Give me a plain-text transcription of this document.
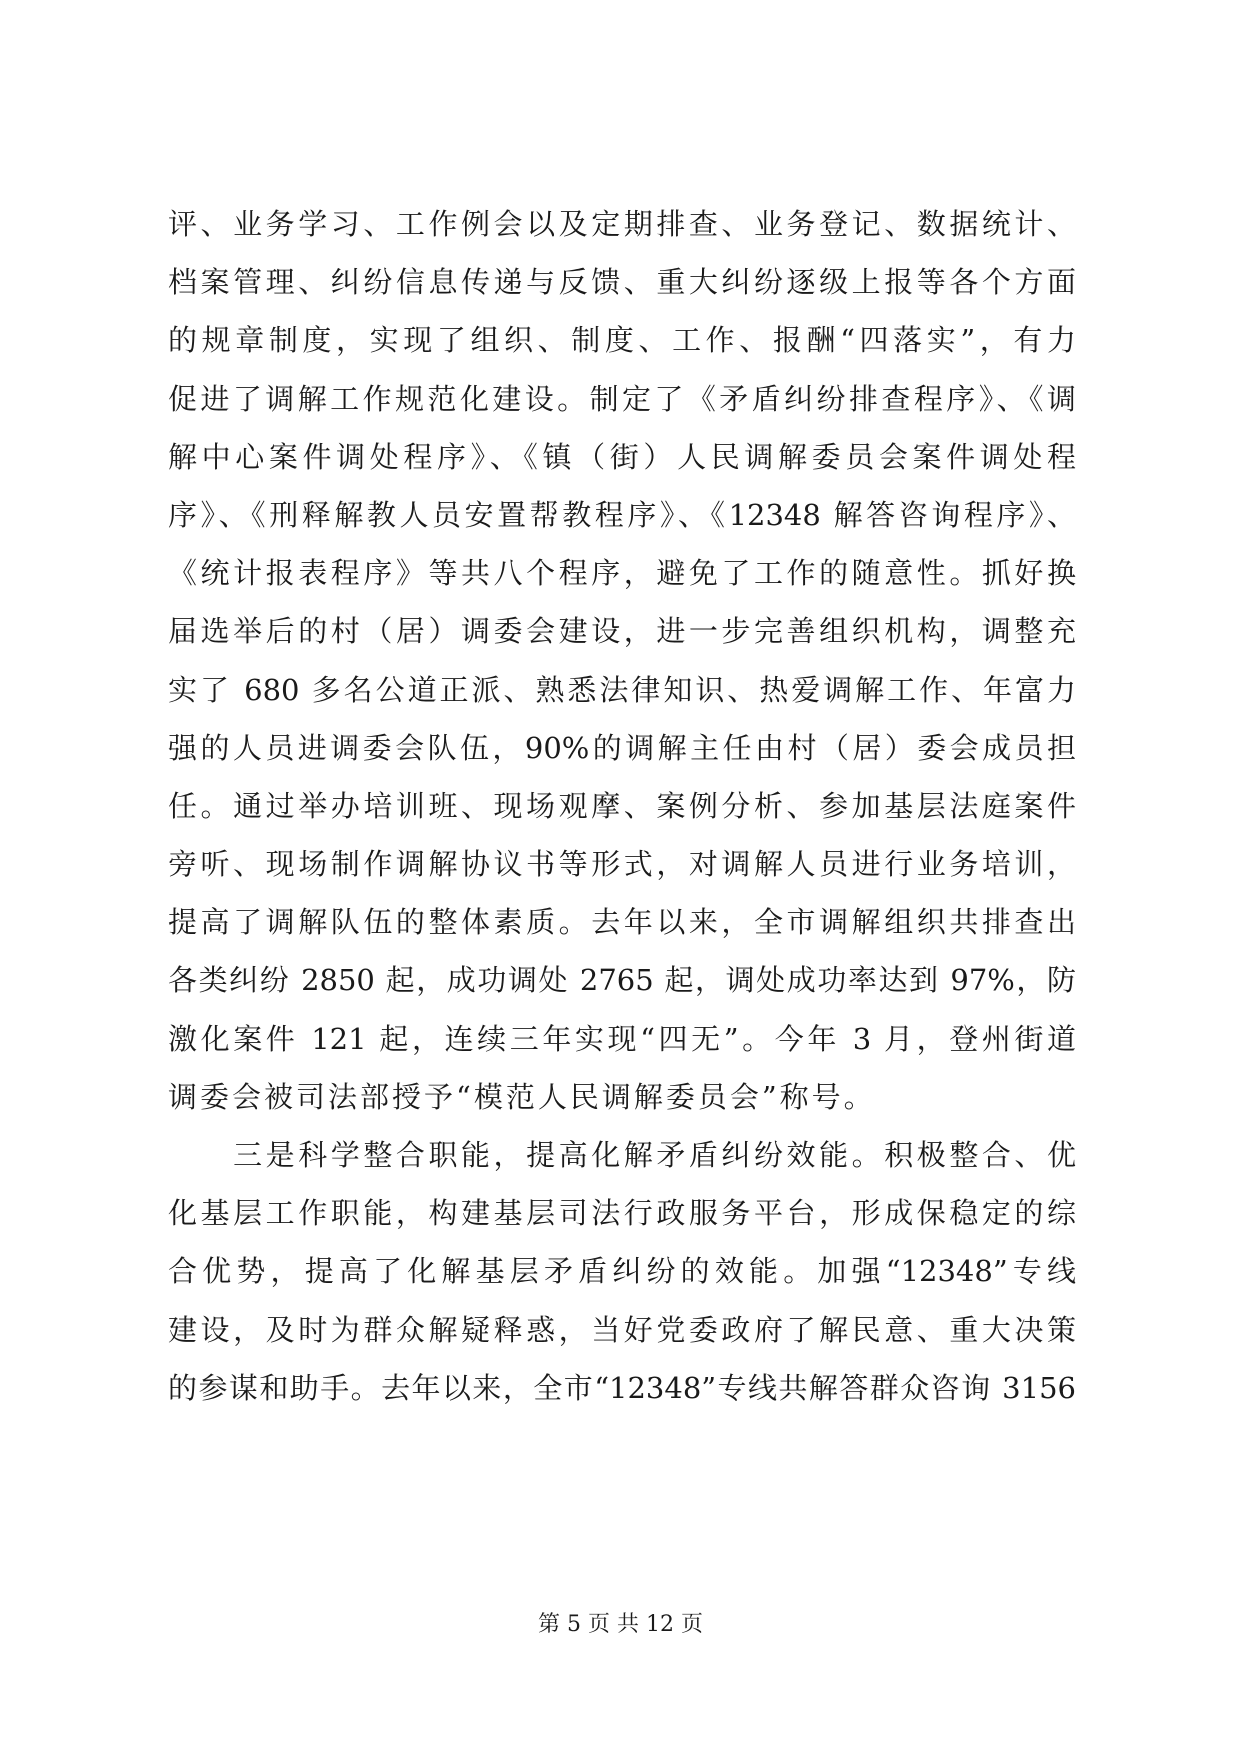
评、业务学习、工作例会以及定期排查、业务登记、数据统计、
档案管理、纠纷信息传递与反馈、重大纠纷逐级上报等各个方面
的规章制度，实现了组织、制度、工作、报酬“四落实”，有力
促进了调解工作规范化建设。制定了《矛盾纠纷排查程序》、《调
解中心案件调处程序》、《镇（街）人民调解委员会案件调处程
序》、《刑释解教人员安置帮教程序》、《12348 解答咨询程序》、
《统计报表程序》等共八个程序，避免了工作的随意性。抓好换
届选举后的村（居）调委会建设，进一步完善组织机构，调整充
实了 680 多名公道正派、熟悉法律知识、热爱调解工作、年富力
强的人员进调委会队伍，90%的调解主任由村（居）委会成员担
任。通过举办培训班、现场观摩、案例分析、参加基层法庭案件
旁听、现场制作调解协议书等形式，对调解人员进行业务培训，
提高了调解队伍的整体素质。去年以来，全市调解组织共排查出
各类纠纷 2850 起，成功调处 2765 起，调处成功率达到 97%，防
激化案件 121 起，连续三年实现“四无”。今年 3 月，登州街道
调委会被司法部授予“模范人民调解委员会”称号。
　　三是科学整合职能，提高化解矛盾纠纷效能。积极整合、优
化基层工作职能，构建基层司法行政服务平台，形成保稳定的综
合优势，提高了化解基层矛盾纠纷的效能。加强“12348”专线
建设，及时为群众解疑释惑，当好党委政府了解民意、重大决策
的参谋和助手。去年以来，全市“12348”专线共解答群众咨询 3156
第 5 页 共 12 页
